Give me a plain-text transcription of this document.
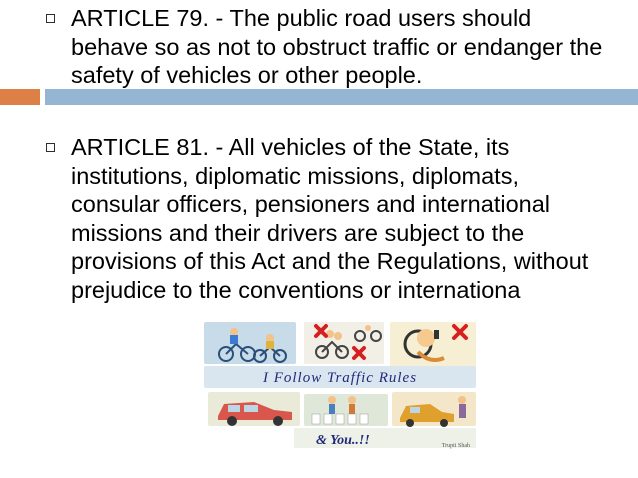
ARTICLE 79. - The public road users should behave so as not to obstruct traffic or endanger the safety of vehicles or other people.
ARTICLE 81. - All vehicles of the State, its institutions, diplomatic missions, diplomats, consular officers, pensioners and international missions and their drivers are subject to the provisions of this Act and the Regulations, without prejudice to the conventions or internationa
I Follow Traffic Rules
& You..!!	Trupti Shah
